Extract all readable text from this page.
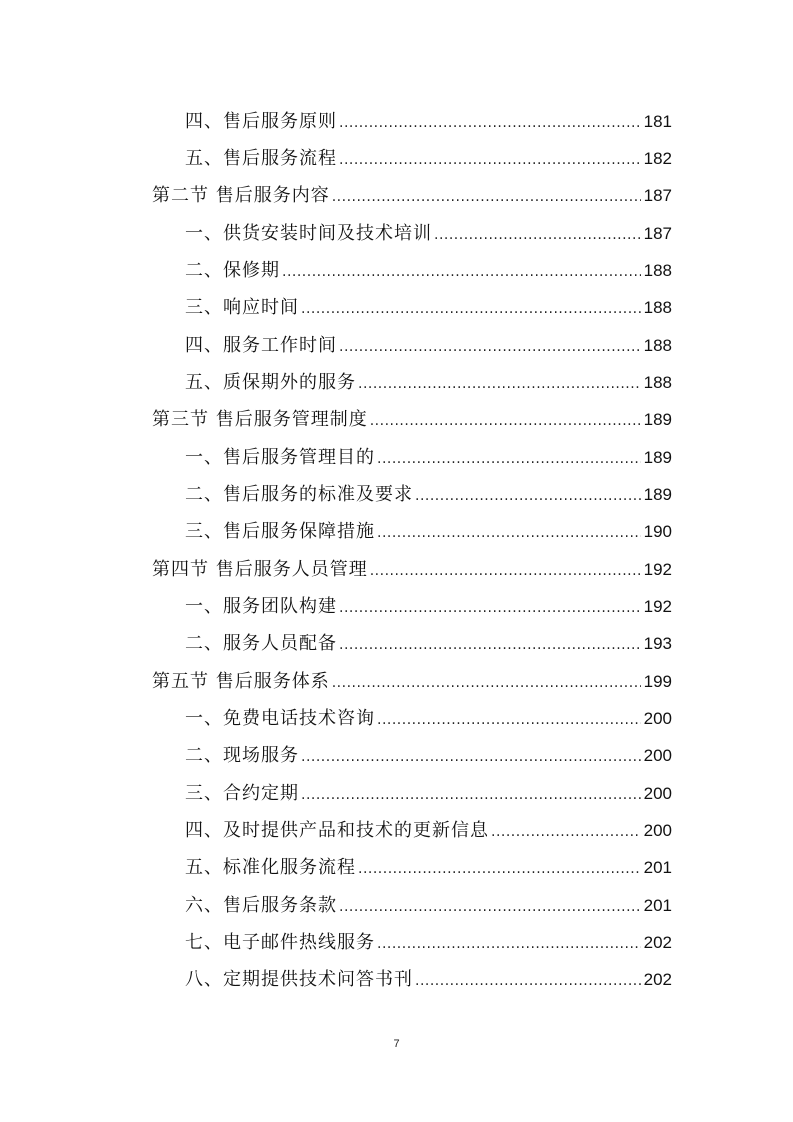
四、售后服务原则 .....	181
五、售后服务流程 .....	182
第二节 售后服务内容 .....	187
一、供货安装时间及技术培训 .....	187
二、保修期 .....	188
三、响应时间 .....	188
四、服务工作时间 .....	188
五、质保期外的服务 .....	188
第三节 售后服务管理制度 .....	189
一、售后服务管理目的 .....	189
二、售后服务的标准及要求 .....	189
三、售后服务保障措施 .....	190
第四节 售后服务人员管理 .....	192
一、服务团队构建 .....	192
二、服务人员配备 .....	193
第五节 售后服务体系 .....	199
一、免费电话技术咨询 .....	200
二、现场服务 .....	200
三、合约定期 .....	200
四、及时提供产品和技术的更新信息 .....	200
五、标准化服务流程 .....	201
六、售后服务条款 .....	201
七、电子邮件热线服务 .....	202
八、定期提供技术问答书刊 .....	202
7
